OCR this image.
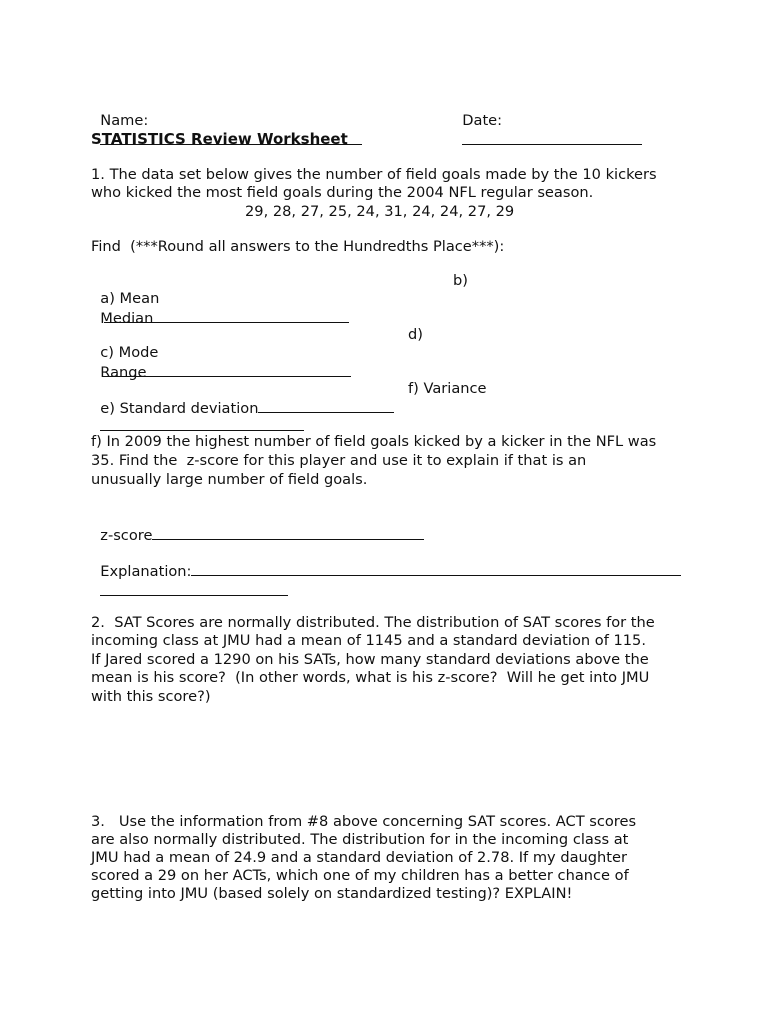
Name:
	Date:

STATISTICS Review Worksheet
1. The data set below gives the number of field goals made by the 10 kickers
who kicked the most field goals during the 2004 NFL regular season.
29, 28, 27, 25, 24, 31, 24, 24, 27, 29
Find  (***Round all answers to the Hundredths Place***):

a) Mean

b)

Median

c) Mode

d)

Range

e) Standard deviation

f) Variance

f) In 2009 the highest number of field goals kicked by a kicker in the NFL was
35. Find the  z-score for this player and use it to explain if that is an
unusually large number of field goals.

z-score

Explanation:

2.  SAT Scores are normally distributed. The distribution of SAT scores for the
incoming class at JMU had a mean of 1145 and a standard deviation of 115.
If Jared scored a 1290 on his SATs, how many standard deviations above the
mean is his score?  (In other words, what is his z-score?  Will he get into JMU
with this score?)
3.   Use the information from #8 above concerning SAT scores. ACT scores
are also normally distributed. The distribution for in the incoming class at
JMU had a mean of 24.9 and a standard deviation of 2.78. If my daughter
scored a 29 on her ACTs, which one of my children has a better chance of
getting into JMU (based solely on standardized testing)? EXPLAIN!
